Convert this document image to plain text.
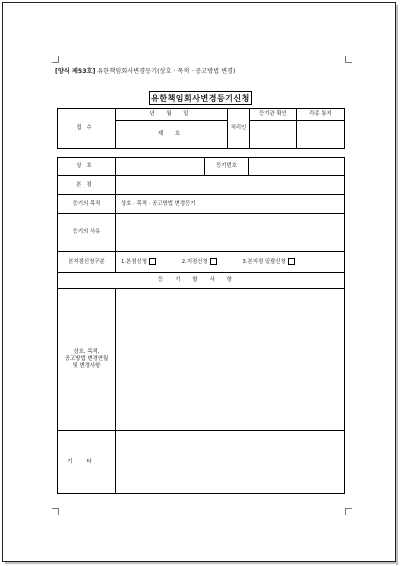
[양식 제53호] 유한책임회사변경등기(상호 · 목적 · 공고방법 변경)
유한책임회사변경등기신청
접수	년 월 일	처리인	등기관 확인	각종 통지
	제 호			
상호		등기번호	
본점			
등기의 목적	상호 · 목적 · 공고방법 변경등기		
등기의 사유			
본지점신청구분	1.본점신청 2.지점신청 3.본지점 일괄신청		
등기할사항			
상호, 목적,
공고방법 변경연월
및 변경사항			
기타			
